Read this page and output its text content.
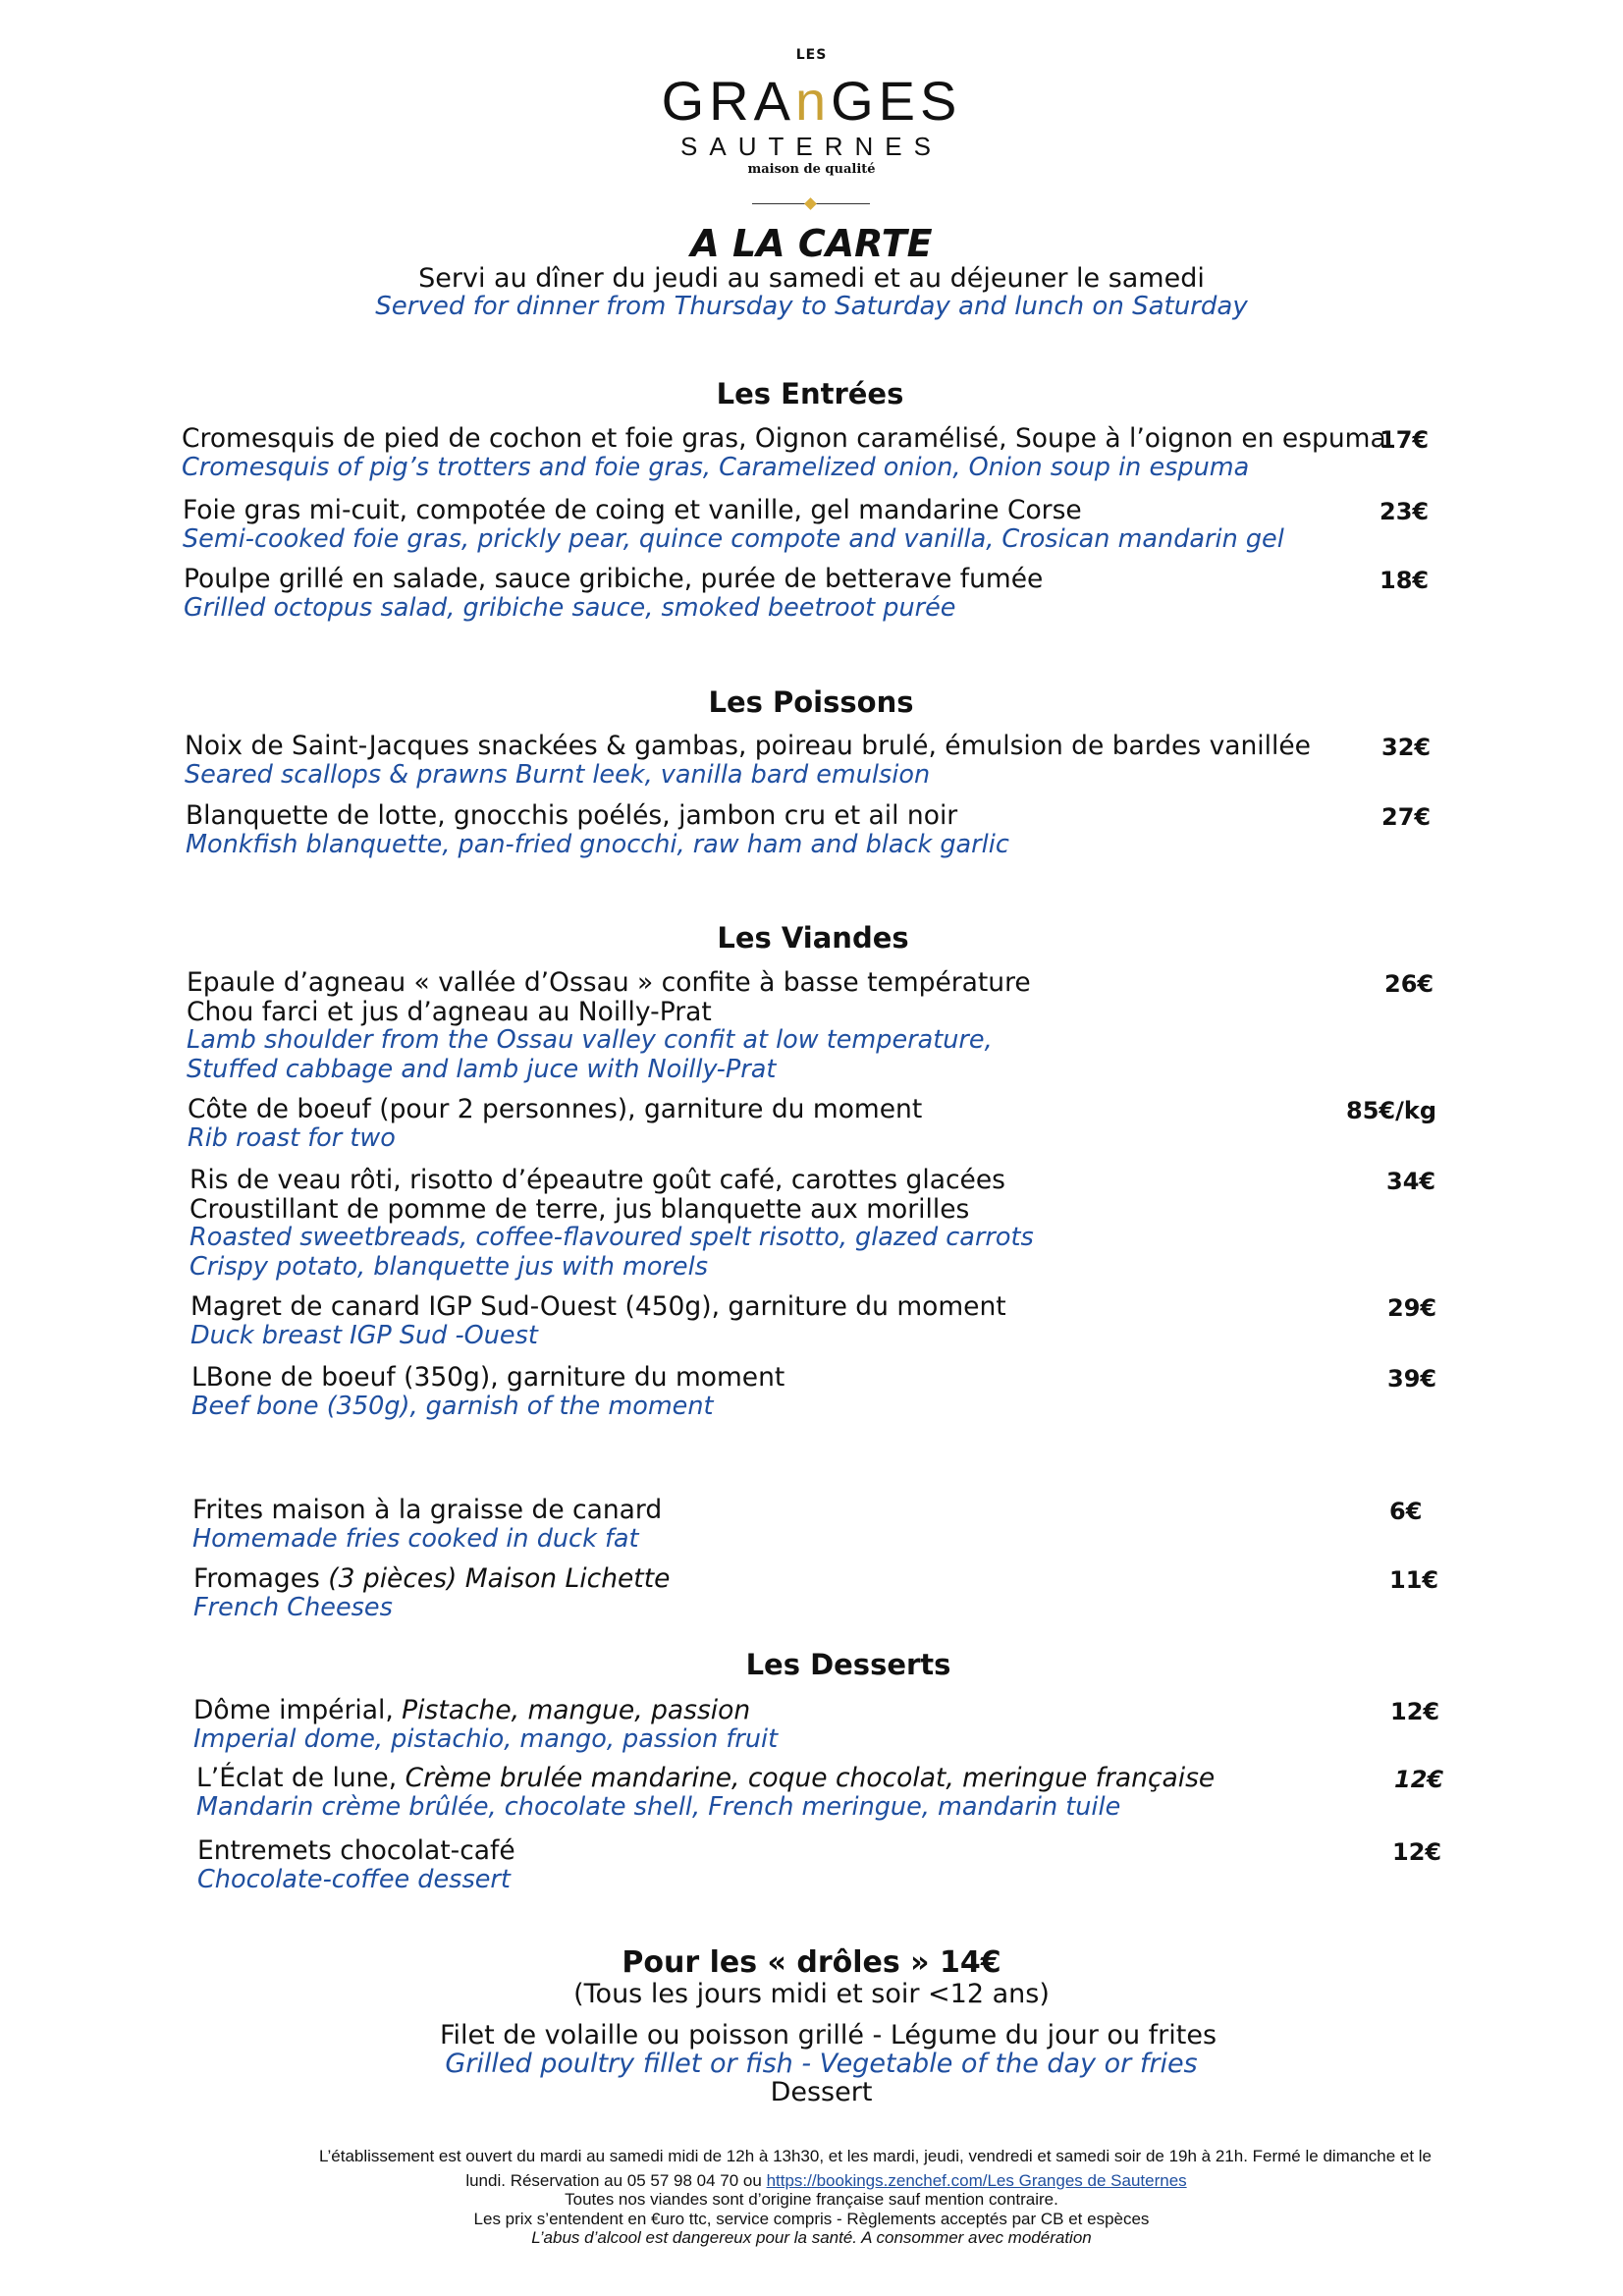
LES
GRAnGES
SAUTERNES
maison de qualité
A LA CARTE
Servi au dîner du jeudi au samedi et au déjeuner le samedi
Served for dinner from Thursday to Saturday and lunch on Saturday
Les Entrées
Cromesquis de pied de cochon et foie gras, Oignon caramélisé, Soupe à l’oignon en espuma
Cromesquis of pig’s trotters and foie gras, Caramelized onion, Onion soup in espuma
17€
Foie gras mi-cuit, compotée de coing et vanille, gel mandarine Corse
Semi-cooked foie gras, prickly pear, quince compote and vanilla, Crosican mandarin gel
23€
Poulpe grillé en salade, sauce gribiche, purée de betterave fumée
Grilled octopus salad, gribiche sauce, smoked beetroot purée
18€
Les Poissons
Noix de Saint-Jacques snackées & gambas, poireau brulé, émulsion de bardes vanillée
Seared scallops & prawns Burnt leek, vanilla bard emulsion
32€
Blanquette de lotte, gnocchis poélés, jambon cru et ail noir
Monkfish blanquette, pan-fried gnocchi, raw ham and black garlic
27€
Les Viandes
Epaule d’agneau « vallée d’Ossau » confite à basse température
Chou farci et jus d’agneau au Noilly-Prat
Lamb shoulder from the Ossau valley confit at low temperature,
Stuffed cabbage and lamb juce with Noilly-Prat
26€
Côte de boeuf (pour 2 personnes), garniture du moment
Rib roast for two
85€/kg
Ris de veau rôti, risotto d’épeautre goût café, carottes glacées
Croustillant de pomme de terre, jus blanquette aux morilles
Roasted sweetbreads, coffee-flavoured spelt risotto, glazed carrots
Crispy potato, blanquette jus with morels
34€
Magret de canard IGP Sud-Ouest (450g), garniture du moment
Duck breast IGP Sud -Ouest
29€
LBone de boeuf (350g), garniture du moment
Beef bone (350g), garnish of the moment
39€
Frites maison à la graisse de canard
Homemade fries cooked in duck fat
6€
Fromages (3 pièces) Maison Lichette
French Cheeses
11€
Les Desserts
Dôme impérial, Pistache, mangue, passion
Imperial dome, pistachio, mango, passion fruit
12€
L’Éclat de lune, Crème brulée mandarine, coque chocolat, meringue française
Mandarin crème brûlée, chocolate shell, French meringue, mandarin tuile
12€
Entremets chocolat-café
Chocolate-coffee dessert
12€
Pour les « drôles » 14€
(Tous les jours midi et soir <12 ans)
Filet de volaille ou poisson grillé - Légume du jour ou frites
Grilled poultry fillet or fish - Vegetable of the day or fries
Dessert
L’établissement est ouvert du mardi au samedi midi de 12h à 13h30, et les mardi, jeudi, vendredi et samedi soir de 19h à 21h. Fermé le dimanche et le
lundi. Réservation au 05 57 98 04 70 ou https://bookings.zenchef.com/Les Granges de Sauternes
Toutes nos viandes sont d’origine française sauf mention contraire.
Les prix s’entendent en €uro ttc, service compris - Règlements acceptés par CB et espèces
L’abus d’alcool est dangereux pour la santé. A consommer avec modération
